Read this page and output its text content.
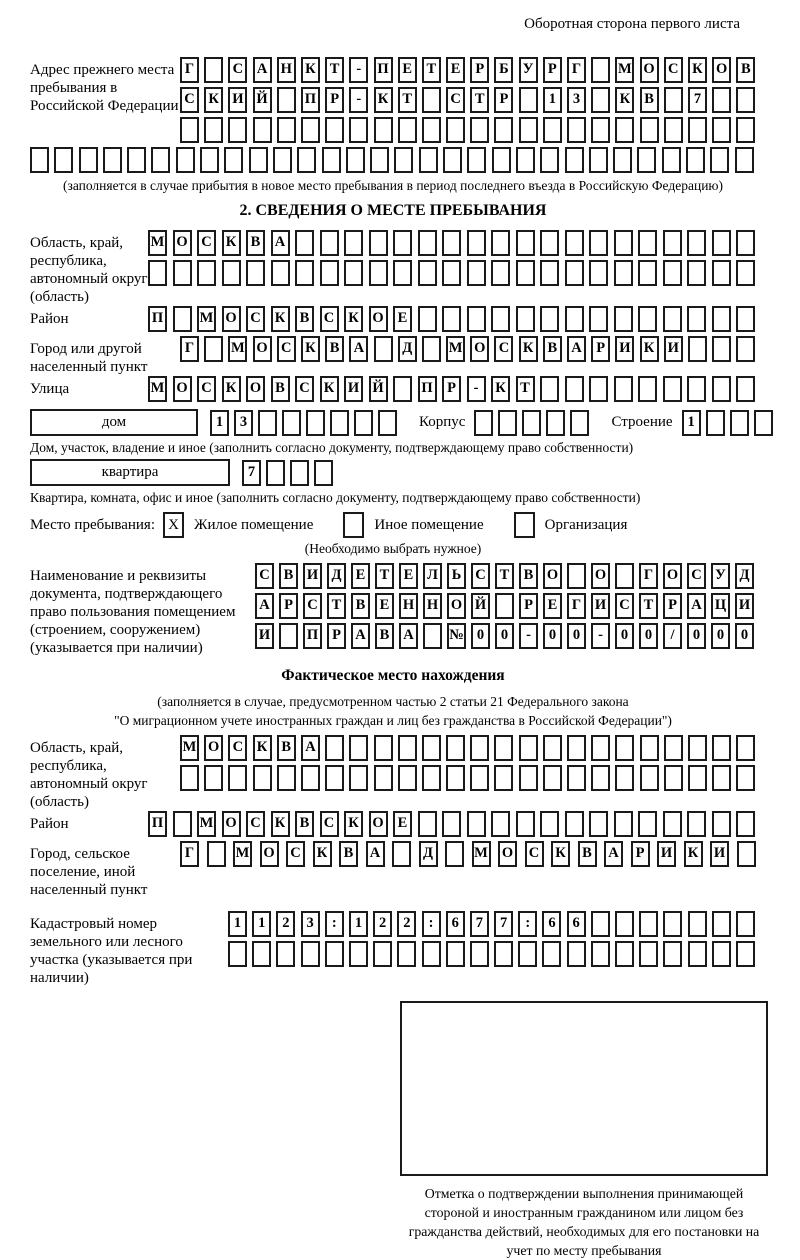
Оборотная сторона первого листа
Адрес прежнего места пребывания в Российской Федерации
Г	С А Н К Т	-	П Е	Т	Е	Р	Б У Р	Г	М О С К О В
С К И Й	П Р	-	К Т	С Т	Р	1	3	К В	7
(заполняется в случае прибытия в новое место пребывания в период последнего въезда в Российскую Федерацию)
2. СВЕДЕНИЯ О МЕСТЕ ПРЕБЫВАНИЯ
Область, край, республика, автономный округ (область)
М О С К В А
Район	П	М О С К В С К О Е
Город или другой населенный пункт
Г	М О С К В А	Д	М О С К В А	Р И К И
Улица	М О С К О В С К И Й	П Р	-	К Т
дом	1	3	Корпус	Строение	1
Дом, участок, владение и иное (заполнить согласно документу, подтверждающему право собственности)
квартира	7
Квартира, комната, офис и иное (заполнить согласно документу, подтверждающему право собственности)
Место пребывания: X	Жилое помещение	Иное помещение	Организация
(Необходимо выбрать нужное)
Наименование и реквизиты документа, подтверждающего право пользования помещением (строением, сооружением) (указывается при наличии)
С В И Д Е Т Е Л Ь С Т В О	О	Г О С У Д
А Р С Т В Е Н Н О Й	Р	Е	Г И С Т	Р А Ц И
И	П Р А В А № 0	0	-	0	0	-	0	0	/	0	0	0
Фактическое место нахождения
(заполняется в случае, предусмотренном частью 2 статьи 21 Федерального закона
"О миграционном учете иностранных граждан и лиц без гражданства в Российской Федерации")
Область, край, республика, автономный округ (область)
М О С К В А
Район	П	М О С К В С К О Е
Город, сельское поселение, иной населенный пункт
Г	М О С К	В	А	Д	М О С К	В	А	Р	И К И
Кадастровый номер земельного или лесного участка (указывается при наличии)
1	1	2	3	:	1	2	2	:	6	7	7	:	6	6
Отметка о подтверждении выполнения принимающей стороной и иностранным гражданином или лицом без гражданства действий, необходимых для его постановки на учет по месту пребывания
